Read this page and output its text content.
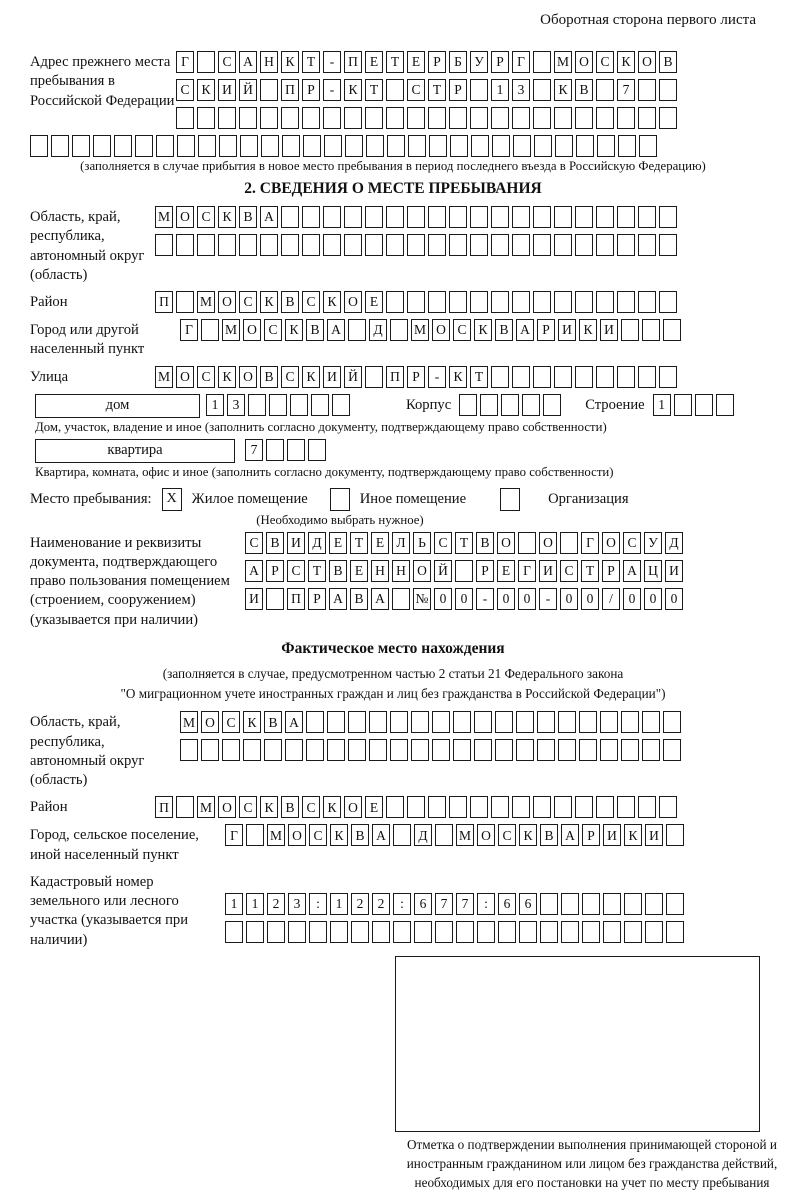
Оборотная сторона первого листа
Адрес прежнего места пребывания в Российской Федерации
Г	С А Н К Т	-	П Е Т Е Р Б У Р Г	М О С К О В
С К И Й	П Р	-	К Т	С Т Р	1	3	К В	7
(заполняется в случае прибытия в новое место пребывания в период последнего въезда в Российскую Федерацию)
2. СВЕДЕНИЯ О МЕСТЕ ПРЕБЫВАНИЯ
Область, край, республика, автономный округ (область)
М О С К В А
Район	П	М О С К В С К О Е
Город или другой населенный пункт
Г	М О С К В А	Д	М О С К В А Р И К И
Улица	М О С К О В С К И Й	П Р	-	К Т
дом	1	3	Корпус	Строение	1
Дом, участок, владение и иное (заполнить согласно документу, подтверждающему право собственности)
квартира	7
Квартира, комната, офис и иное (заполнить согласно документу, подтверждающему право собственности)
Место пребывания:	X	Жилое помещение	Иное помещение	Организация
(Необходимо выбрать нужное)
Наименование и реквизиты документа, подтверждающего право пользования помещением (строением, сооружением) (указывается при наличии)
С В И Д Е Т Е Л Ь С Т В О	О	Г О С У Д
А Р С Т В Е Н Н О Й	Р Е Г И С Т Р А Ц И
И	П Р А В А	№ 0	0	-	0	0	-	0	0	/	0	0	0
Фактическое место нахождения
(заполняется в случае, предусмотренном частью 2 статьи 21 Федерального закона
"О миграционном учете иностранных граждан и лиц без гражданства в Российской Федерации")
Область, край, республика, автономный округ (область)
М О С К В А
Район	П	М О С К В С К О Е
Город, сельское поселение, иной населенный пункт
Г	М О С К В А	Д	М О С К В А Р И К И
Кадастровый номер земельного или лесного участка (указывается при наличии)
1	1	2	3	:	1	2	2	:	6	7	7	:	6	6
Отметка о подтверждении выполнения принимающей стороной и иностранным гражданином или лицом без гражданства действий, необходимых для его постановки на учет по месту пребывания
